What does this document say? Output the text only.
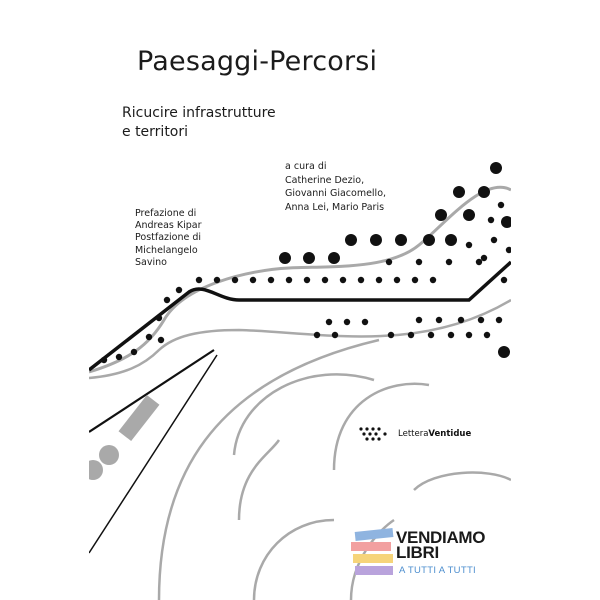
Paesaggi-Percorsi
Ricucire infrastrutture
e territori
a cura di
Catherine Dezio,
Giovanni Giacomello,
Anna Lei, Mario Paris
Prefazione di
Andreas Kipar
Postfazione di
Michelangelo
Savino
Lettera Ventidue
VENDIAMO
LIBRI
A TUTTI A TUTTI
